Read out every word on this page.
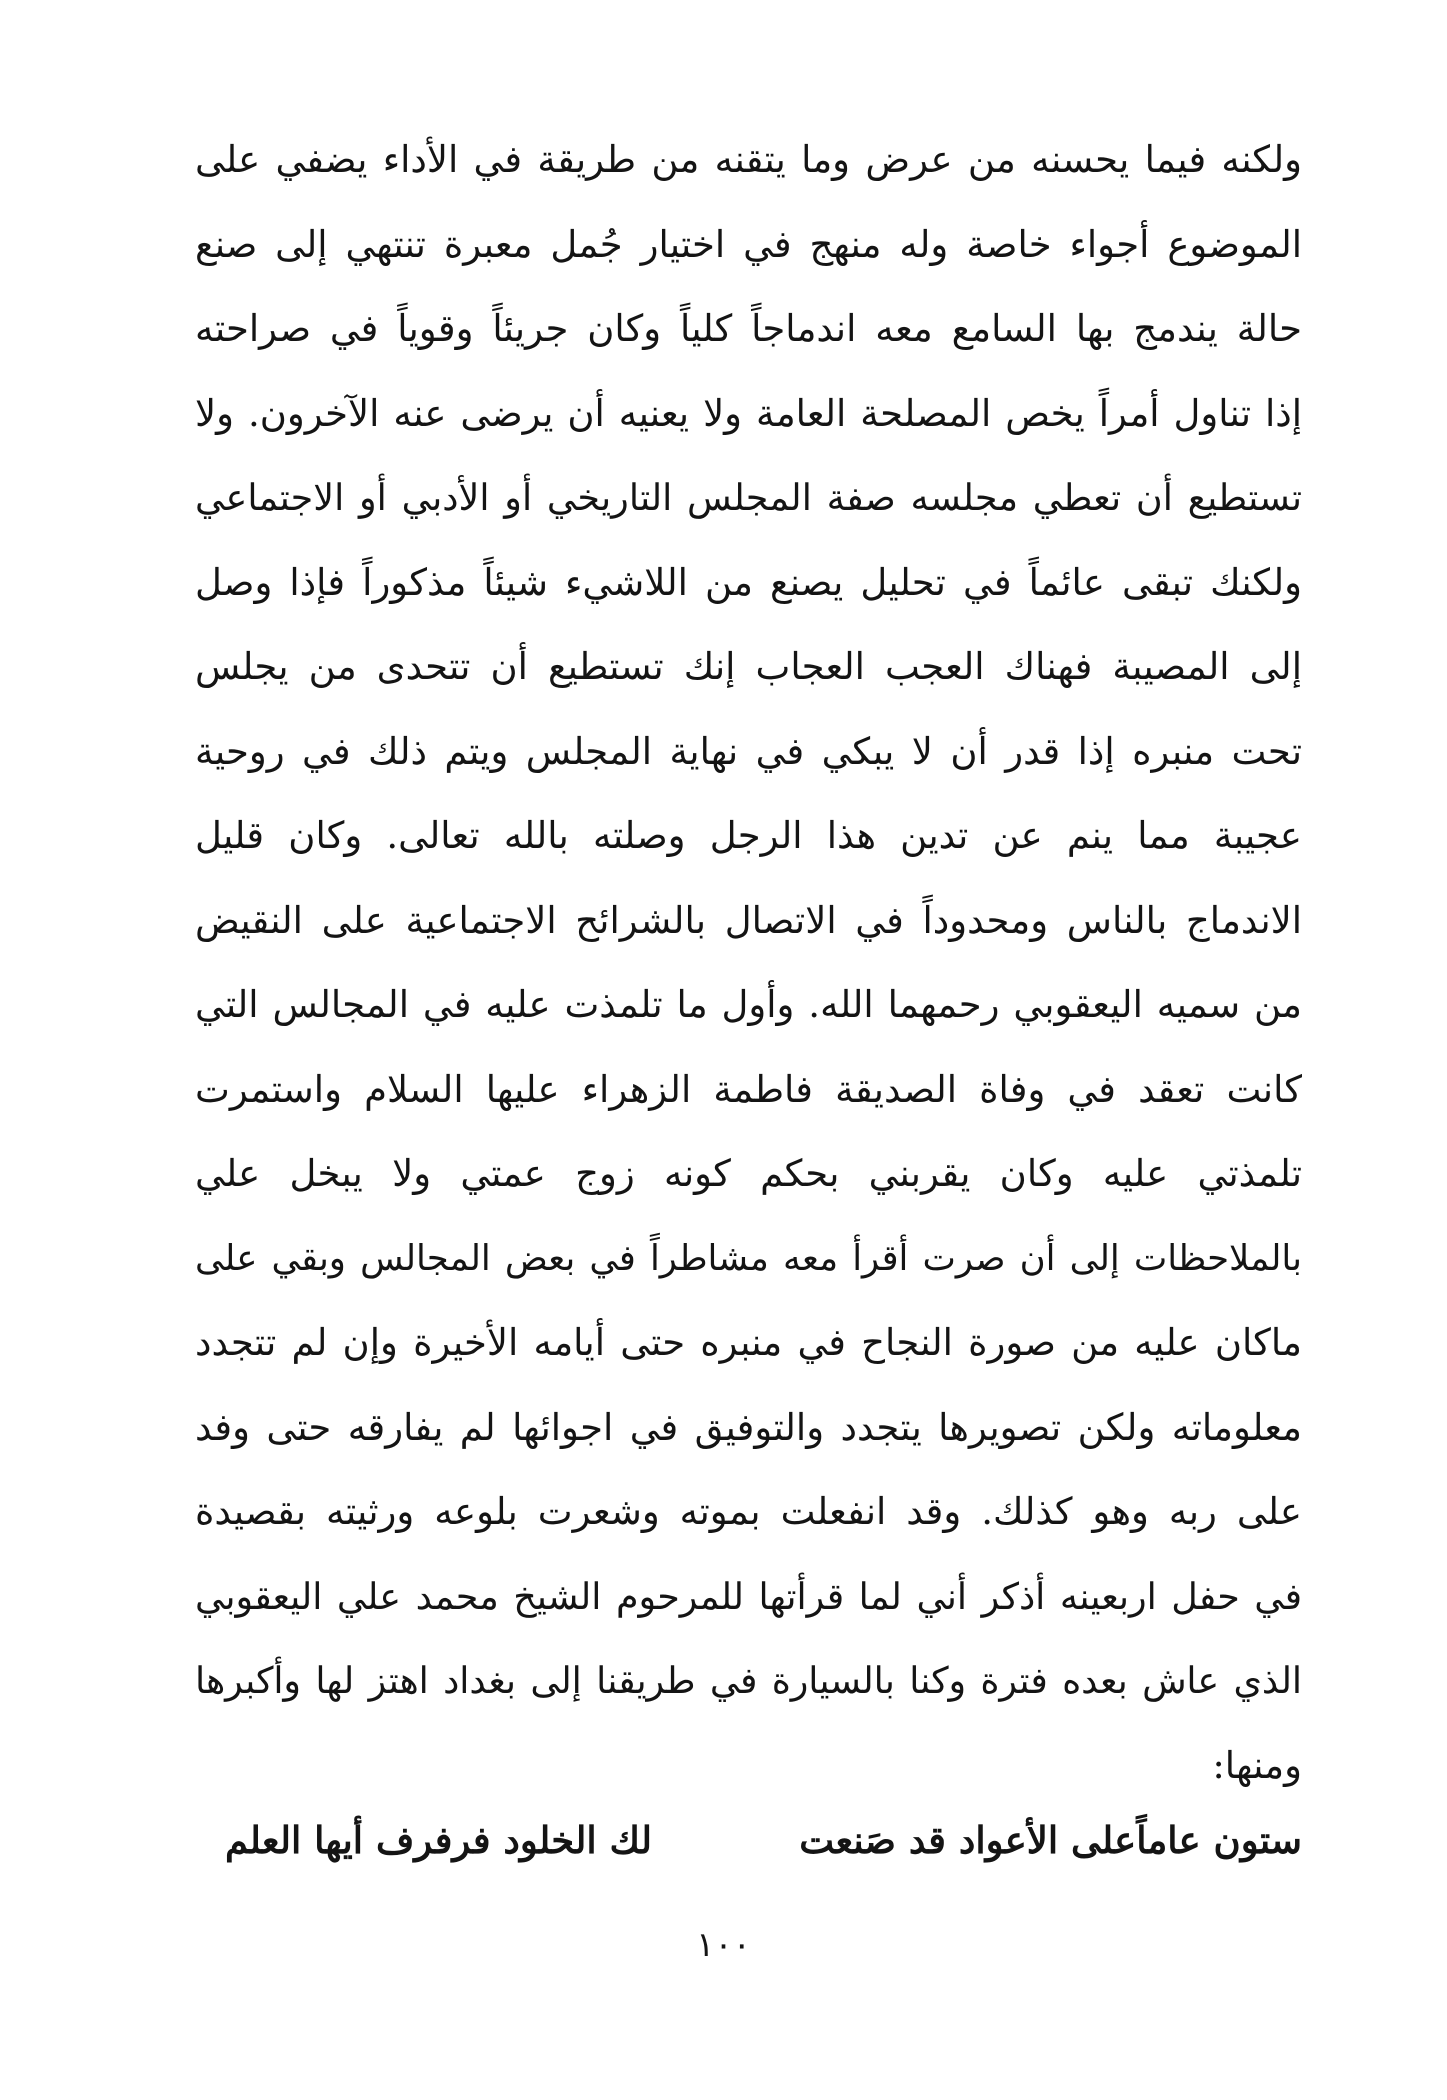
ولكنه فيما يحسنه من عرض وما يتقنه من طريقة في الأداء يضفي على
الموضوع أجواء خاصة وله منهج في اختيار جُمل معبرة تنتهي إلى صنع
حالة يندمج بها السامع معه اندماجاً كلياً وكان جريئاً وقوياً في صراحته
إذا تناول أمراً يخص المصلحة العامة ولا يعنيه أن يرضى عنه الآخرون. ولا
تستطيع أن تعطي مجلسه صفة المجلس التاريخي أو الأدبي أو الاجتماعي
ولكنك تبقى عائماً في تحليل يصنع من اللاشيء شيئاً مذكوراً فإذا وصل
إلى المصيبة فهناك العجب العجاب إنك تستطيع أن تتحدى من يجلس
تحت منبره إذا قدر أن لا يبكي في نهاية المجلس ويتم ذلك في روحية
عجيبة مما ينم عن تدين هذا الرجل وصلته بالله تعالى. وكان قليل
الاندماج بالناس ومحدوداً في الاتصال بالشرائح الاجتماعية على النقيض
من سميه اليعقوبي رحمهما الله. وأول ما تلمذت عليه في المجالس التي
كانت تعقد في وفاة الصديقة فاطمة الزهراء عليها السلام واستمرت
تلمذتي عليه وكان يقربني بحكم كونه زوج عمتي ولا يبخل علي
بالملاحظات إلى أن صرت أقرأ معه مشاطراً في بعض المجالس وبقي على
ماكان عليه من صورة النجاح في منبره حتى أيامه الأخيرة وإن لم تتجدد
معلوماته ولكن تصويرها يتجدد والتوفيق في اجوائها لم يفارقه حتى وفد
على ربه وهو كذلك. وقد انفعلت بموته وشعرت بلوعه ورثيته بقصيدة
في حفل اربعينه أذكر أني لما قرأتها للمرحوم الشيخ محمد علي اليعقوبي
الذي عاش بعده فترة وكنا بالسيارة في طريقنا إلى بغداد اهتز لها وأكبرها
ومنها:
ستون عاماًعلى الأعواد قد صَنعت
لك الخلود فرفرف أيها العلم
١٠٠
